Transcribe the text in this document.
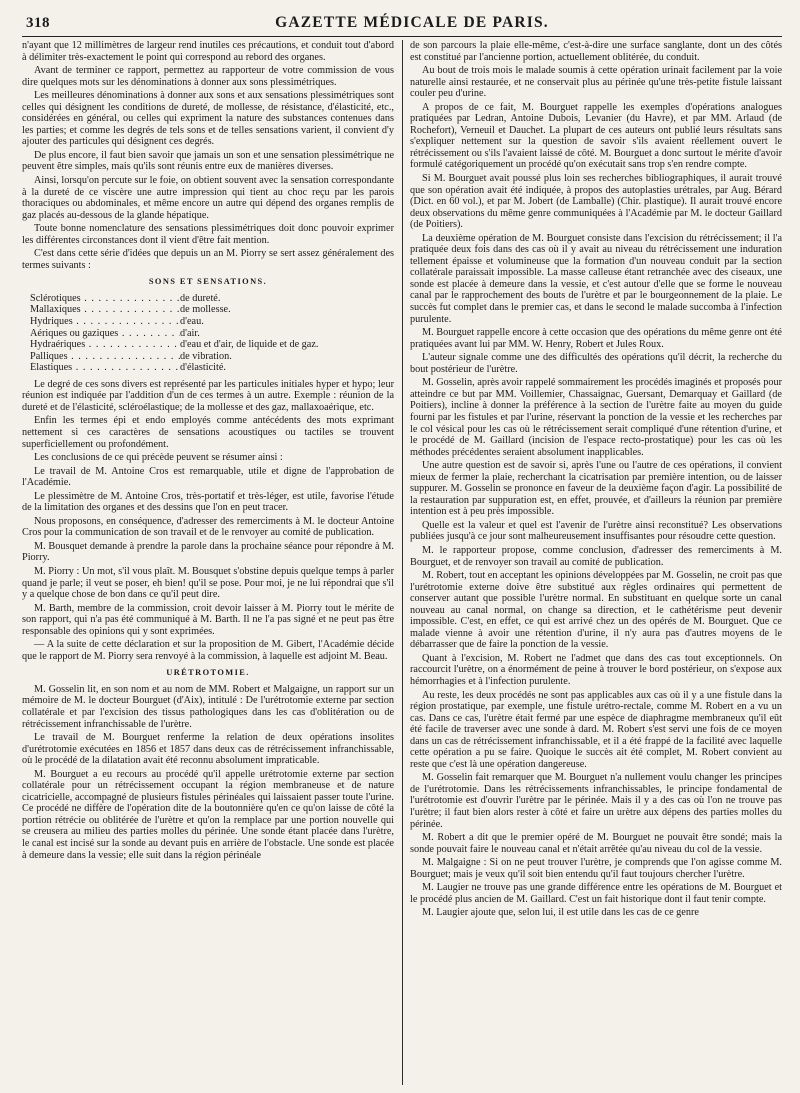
318	GAZETTE MÉDICALE DE PARIS.

n'ayant que 12 millimètres de largeur rend inutiles ces précautions, et conduit tout d'abord à délimiter très-exactement le point qui correspond au rebord des organes.

Avant de terminer ce rapport, permettez au rapporteur de votre commission de vous dire quelques mots sur les dénominations à donner aux sons plessimétriques.

Les meilleures dénominations à donner aux sons et aux sensations plessimétriques sont celles qui désignent les conditions de dureté, de mollesse, de résistance, d'élasticité, etc., considérées en général, ou celles qui expriment la nature des substances contenues dans les parties; et comme les degrés de tels sons et de telles sensations varient, il convient d'y ajouter des particules qui désignent ces degrés.

De plus encore, il faut bien savoir que jamais un son et une sensation plessimétrique ne peuvent être simples, mais qu'ils sont réunis entre eux de manières diverses.

Ainsi, lorsqu'on percute sur le foie, on obtient souvent avec la sensation correspondante à la dureté de ce viscère une autre impression qui tient au choc reçu par les parois thoraciques ou abdominales, et même encore un autre qui dépend des organes remplis de gaz placés au-dessous de la glande hépatique.

Toute bonne nomenclature des sensations plessimétriques doit donc pouvoir exprimer les différentes circonstances dont il vient d'être fait mention.

C'est dans cette série d'idées que depuis un an M. Piorry se sert assez généralement des termes suivants :

SONS ET SENSATIONS.
Sclérotiques . . .	de dureté.
Mallaxiques . . .	de mollesse.
Hydriques . . .	d'eau.
Aériques ou gaziques . . .	d'air.
Hydraériques . . .	d'eau et d'air, de liquide et de gaz.
Palliques . . .	de vibration.
Élastiques . . .	d'élasticité.

Le degré de ces sons divers est représenté par les particules initiales hyper et hypo; leur réunion est indiquée par l'addition d'un de ces termes à un autre. Exemple : réunion de la dureté et de l'élasticité, scléroélastique; de la mollesse et des gaz, mallaxoaérique, etc.

Enfin les termes épi et endo employés comme antécédents des mots exprimant nettement si ces caractères de sensations acoustiques ou tactiles se trouvent superficiellement ou profondément.

Les conclusions de ce qui précède peuvent se résumer ainsi :

Le travail de M. Antoine Cros est remarquable, utile et digne de l'approbation de l'Académie.

Le plessimètre de M. Antoine Cros, très-portatif et très-léger, est utile, favorise l'étude de la limitation des organes et des dessins que l'on en peut tracer.

Nous proposons, en conséquence, d'adresser des remerciments à M. le docteur Antoine Cros pour la communication de son travail et de le renvoyer au comité de publication.

M. Bousquet demande à prendre la parole dans la prochaine séance pour répondre à M. Piorry.

M. Piorry : Un mot, s'il vous plaît. M. Bousquet s'obstine depuis quelque temps à parler quand je parle; il veut se poser, eh bien! qu'il se pose. Pour moi, je ne lui répondrai que s'il y a quelque chose de bon dans ce qu'il peut dire.

M. Barth, membre de la commission, croit devoir laisser à M. Piorry tout le mérite de son rapport, qui n'a pas été communiqué à M. Barth. Il ne l'a pas signé et ne peut pas être responsable des opinions qui y sont exprimées.

— A la suite de cette déclaration et sur la proposition de M. Gibert, l'Académie décide que le rapport de M. Piorry sera renvoyé à la commission, à laquelle est adjoint M. Beau.

URÉTROTOMIE.

M. Gosselin lit, en son nom et au nom de MM. Robert et Malgaigne, un rapport sur un mémoire de M. le docteur Bourguet (d'Aix), intitulé : De l'urétrotomie externe par section collatérale et par l'excision des tissus pathologiques dans les cas d'oblitération ou de rétrécissement infranchissable de l'urètre.

Le travail de M. Bourguet renferme la relation de deux opérations insolites d'urétrotomie exécutées en 1856 et 1857 dans deux cas de rétrécissement infranchissable, où le procédé de la dilatation avait été reconnu absolument impraticable.

M. Bourguet a eu recours au procédé qu'il appelle urétrotomie externe par section collatérale pour un rétrécissement occupant la région membraneuse et de nature cicatricielle, accompagné de plusieurs fistules périnéales qui laissaient passer toute l'urine. Ce procédé ne diffère de l'opération dite de la boutonnière qu'en ce qu'on laisse de côté la portion rétrécie ou oblitérée de l'urètre et qu'on la remplace par une portion nouvelle qui se creusera au milieu des parties molles du périnée. Une sonde étant placée dans l'urètre, le canal est incisé sur la sonde au devant puis en arrière de l'obstacle. Une sonde est placée à demeure dans la vessie; elle suit dans la région périnéale

de son parcours la plaie elle-même, c'est-à-dire une surface sanglante, dont un des côtés est constitué par l'ancienne portion, actuellement oblitérée, du conduit.

Au bout de trois mois le malade soumis à cette opération urinait facilement par la voie naturelle ainsi restaurée, et ne conservait plus au périnée qu'une très-petite fistule laissant couler peu d'urine.

A propos de ce fait, M. Bourguet rappelle les exemples d'opérations analogues pratiquées par Ledran, Antoine Dubois, Levanier (du Havre), et par MM. Arlaud (de Rochefort), Verneuil et Dauchet. La plupart de ces auteurs ont publié leurs résultats sans s'expliquer nettement sur la question de savoir s'ils avaient réellement ouvert le rétrécissement ou s'ils l'avaient laissé de côté. M. Bourguet a donc surtout le mérite d'avoir formulé catégoriquement un procédé qu'on exécutait sans trop s'en rendre compte.

Si M. Bourguet avait poussé plus loin ses recherches bibliographiques, il aurait trouvé que son opération avait été indiquée, à propos des autoplasties urétrales, par Aug. Bérard (Dict. en 60 vol.), et par M. Jobert (de Lamballe) (Chir. plastique). Il aurait trouvé encore deux observations du même genre communiquées à l'Académie par M. le docteur Gaillard (de Poitiers).

La deuxième opération de M. Bourguet consiste dans l'excision du rétrécissement; il l'a pratiquée deux fois dans des cas où il y avait au niveau du rétrécissement une induration tellement épaisse et volumineuse que la formation d'un nouveau conduit par la section collatérale paraissait impossible. La masse calleuse étant retranchée avec des ciseaux, une sonde est placée à demeure dans la vessie, et c'est autour d'elle que se forme le nouveau canal par le rapprochement des bouts de l'urètre et par le bourgeonnement de la plaie. Le succès fut complet dans le premier cas, et dans le second le malade succomba à l'infection purulente.

M. Bourguet rappelle encore à cette occasion que des opérations du même genre ont été pratiquées avant lui par MM. W. Henry, Robert et Jules Roux.

L'auteur signale comme une des difficultés des opérations qu'il décrit, la recherche du bout postérieur de l'urètre.

M. Gosselin, après avoir rappelé sommairement les procédés imaginés et proposés pour atteindre ce but par MM. Voillemier, Chassaignac, Guersant, Demarquay et Gaillard (de Poitiers), incline à donner la préférence à la section de l'urètre faite au moyen du guide fourni par les fistules et par l'urine, réservant la ponction de la vessie et les recherches par le col vésical pour les cas où le rétrécissement serait compliqué d'une rétention d'urine, et le procédé de M. Gaillard (incision de l'espace recto-prostatique) pour les cas où les méthodes précédentes seraient absolument inapplicables.

Une autre question est de savoir si, après l'une ou l'autre de ces opérations, il convient mieux de fermer la plaie, recherchant la cicatrisation par première intention, ou de laisser suppurer. M. Gosselin se prononce en faveur de la deuxième façon d'agir. La possibilité de la restauration par suppuration est, en effet, prouvée, et d'ailleurs la réunion par première intention est à peu près impossible.

Quelle est la valeur et quel est l'avenir de l'urètre ainsi reconstitué? Les observations publiées jusqu'à ce jour sont malheureusement insuffisantes pour résoudre cette question.

M. le rapporteur propose, comme conclusion, d'adresser des remerciments à M. Bourguet, et de renvoyer son travail au comité de publication.

M. Robert, tout en acceptant les opinions développées par M. Gosselin, ne croit pas que l'urétrotomie externe doive être substitué aux règles ordinaires qui permettent de conserver autant que possible l'urètre normal. En substituant en quelque sorte un canal nouveau au canal normal, on change sa direction, et le cathétérisme peut devenir impossible. C'est, en effet, ce qui est arrivé chez un des opérés de M. Bourguet. Que ce malade vienne à avoir une rétention d'urine, il n'y aura pas d'autres moyens de le débarrasser que de faire la ponction de la vessie.

Quant à l'excision, M. Robert ne l'admet que dans des cas tout exceptionnels. On raccourcit l'urètre, on a énormément de peine à trouver le bord postérieur, on s'expose aux hémorrhagies et à l'infection purulente.

Au reste, les deux procédés ne sont pas applicables aux cas où il y a une fistule dans la région prostatique, par exemple, une fistule urétro-rectale, comme M. Robert en a vu un cas. Dans ce cas, l'urètre était fermé par une espèce de diaphragme membraneux qu'il eût été facile de traverser avec une sonde à dard. M. Robert s'est servi une fois de ce moyen dans un cas de rétrécissement infranchissable, et il a été frappé de la facilité avec laquelle cette opération a pu se faire. Quoique le succès ait été complet, M. Robert convient au reste que c'est là une opération dangereuse.

M. Gosselin fait remarquer que M. Bourguet n'a nullement voulu changer les principes de l'urétrotomie. Dans les rétrécissements infranchissables, le principe fondamental de l'urétrotomie est d'ouvrir l'urètre par le périnée. Mais il y a des cas où l'on ne trouve pas l'urètre; il faut bien alors rester à côté et faire un urètre aux dépens des parties molles du périnée.

M. Robert a dit que le premier opéré de M. Bourguet ne pouvait être sondé; mais la sonde pouvait faire le nouveau canal et n'était arrêtée qu'au niveau du col de la vessie.

M. Malgaigne : Si on ne peut trouver l'urètre, je comprends que l'on agisse comme M. Bourguet; mais je veux qu'il soit bien entendu qu'il faut toujours chercher l'urètre.

M. Laugier ne trouve pas une grande différence entre les opérations de M. Bourguet et le procédé plus ancien de M. Gaillard. C'est un fait historique dont il faut tenir compte.

M. Laugier ajoute que, selon lui, il est utile dans les cas de ce genre
